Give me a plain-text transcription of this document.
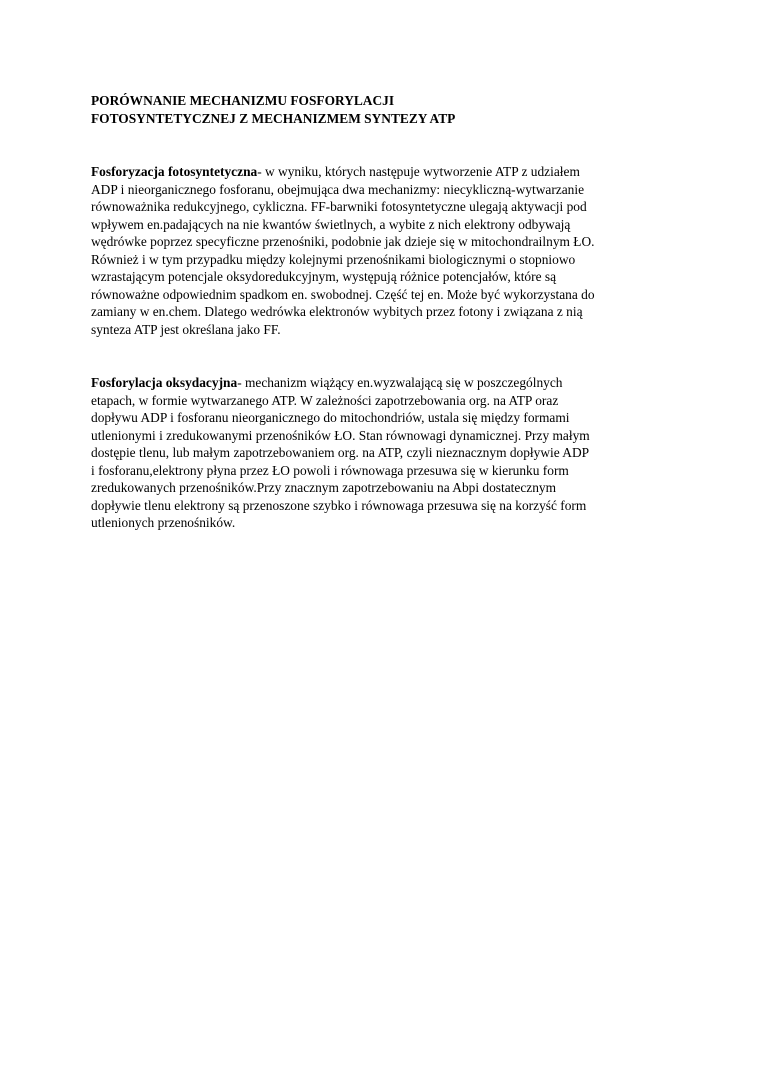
PORÓWNANIE MECHANIZMU FOSFORYLACJI
FOTOSYNTETYCZNEJ Z MECHANIZMEM SYNTEZY ATP

Fosforyzacja fotosyntetyczna- w wyniku, których następuje wytworzenie ATP z udziałem
ADP i nieorganicznego fosforanu, obejmująca dwa mechanizmy: niecykliczną-wytwarzanie
równoważnika redukcyjnego, cykliczna. FF-barwniki fotosyntetyczne ulegają aktywacji pod
wpływem en.padających na nie kwantów świetlnych, a wybite z nich elektrony odbywają
wędrówke poprzez specyficzne przenośniki, podobnie jak dzieje się w mitochondrailnym ŁO.
Również i w tym przypadku między kolejnymi przenośnikami biologicznymi o stopniowo
wzrastającym potencjale oksydoredukcyjnym, występują różnice potencjałów, które są
równoważne odpowiednim spadkom en. swobodnej. Część tej en. Może być wykorzystana do
zamiany w en.chem. Dlatego wedrówka elektronów wybitych przez fotony i związana z nią
synteza ATP jest określana jako FF.

Fosforylacja oksydacyjna- mechanizm wiążący en.wyzwalającą się w poszczególnych
etapach, w formie wytwarzanego ATP. W zależności zapotrzebowania org. na ATP oraz
dopływu ADP i fosforanu nieorganicznego do mitochondriów, ustala się między formami
utlenionymi i zredukowanymi przenośników ŁO. Stan równowagi dynamicznej. Przy małym
dostępie tlenu, lub małym zapotrzebowaniem org. na ATP, czyli nieznacznym dopływie ADP
i fosforanu,elektrony płyna przez ŁO powoli i równowaga przesuwa się w kierunku form
zredukowanych przenośników.Przy znacznym zapotrzebowaniu na Abpi dostatecznym
dopływie tlenu elektrony są przenoszone szybko i równowaga przesuwa się na korzyść form
utlenionych przenośników.
